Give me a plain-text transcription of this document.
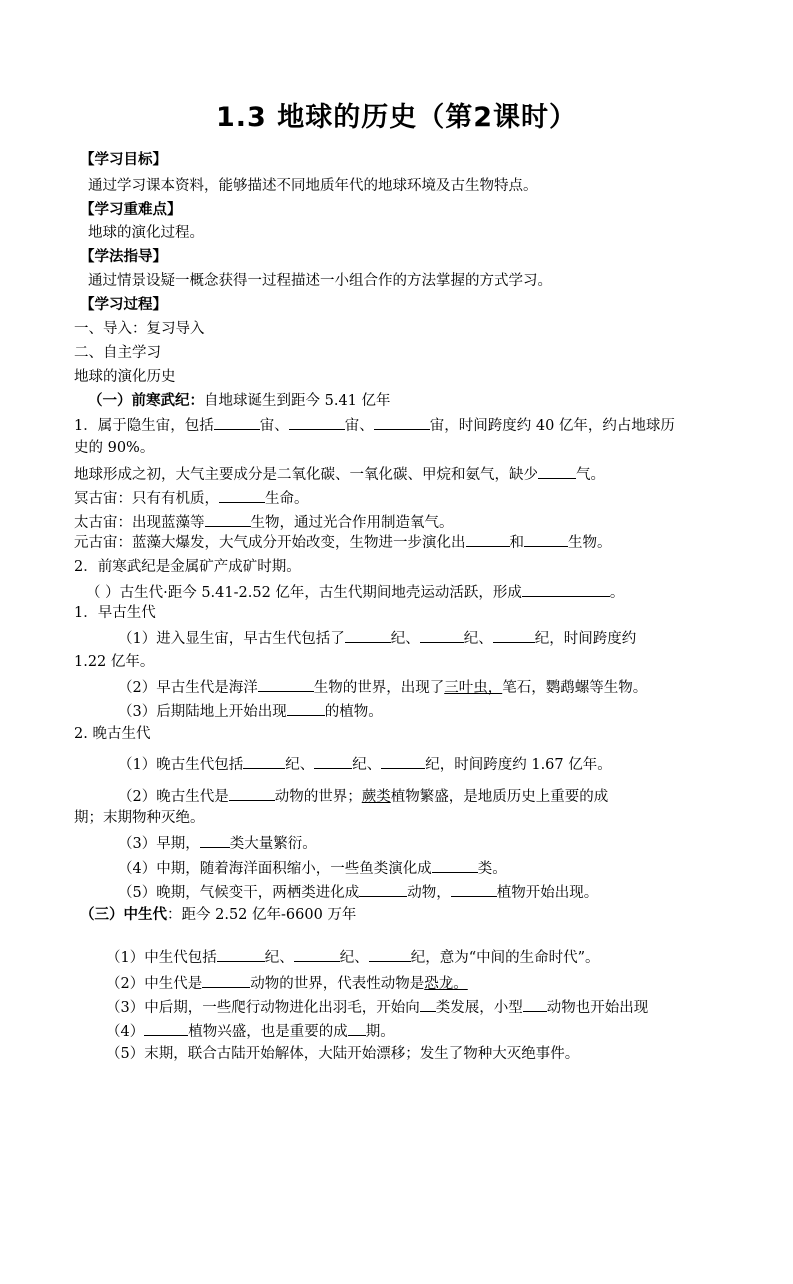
1.3 地球的历史（第2课时）
【学习目标】
通过学习课本资料，能够描述不同地质年代的地球环境及古生物特点。
【学习重难点】
地球的演化过程。
【学法指导】
通过情景设疑一概念获得一过程描述一小组合作的方法掌握的方式学习。
【学习过程】
一、导入：复习导入
二、自主学习
地球的演化历史
（一）前寒武纪：自地球诞生到距今 5.41 亿年
1．属于隐生宙，包括	宙、	宙、	宙，时间跨度约 40 亿年，约占地球历
史的 90%。
地球形成之初，大气主要成分是二氧化碳、一氧化碳、甲烷和氨气，缺少	气。
冥古宙：只有有机质，	生命。
太古宙：出现蓝藻等	生物，通过光合作用制造氧气。
元古宙：蓝藻大爆发，大气成分开始改变，生物进一步演化出	和	生物。
2．前寒武纪是金属矿产成矿时期。
（ ）古生代·距今 5.41-2.52 亿年，古生代期间地壳运动活跃，形成	。
1．早古生代
（1）进入显生宙，早古生代包括了	纪、	纪、	纪，时间跨度约
1.22 亿年。
（2）早古生代是海洋	生物的世界，出现了三叶虫，笔石，鹦鹉螺等生物。
（3）后期陆地上开始出现	的植物。
2. 晚古生代
（1）晚古生代包括	纪、	纪、	纪，时间跨度约 1.67 亿年。
（2）晚古生代是	动物的世界；蕨类植物繁盛，是地质历史上重要的成
期；末期物种灭绝。
（3）早期， 类大量繁衍。
（4）中期，随着海洋面积缩小，一些鱼类演化成	类。
（5）晚期，气候变干，两栖类进化成	动物，	植物开始出现。
（三）中生代：距今 2.52 亿年-6600 万年
（1）中生代包括	纪、	纪、	纪，意为“中间的生命时代”。
（2）中生代是	动物的世界，代表性动物是恐龙。
（3）中后期，一些爬行动物进化出羽毛，开始向 类发展，小型 动物也开始出现
（4）	植物兴盛，也是重要的成 期。
（5）末期，联合古陆开始解体，大陆开始漂移；发生了物种大灭绝事件。
